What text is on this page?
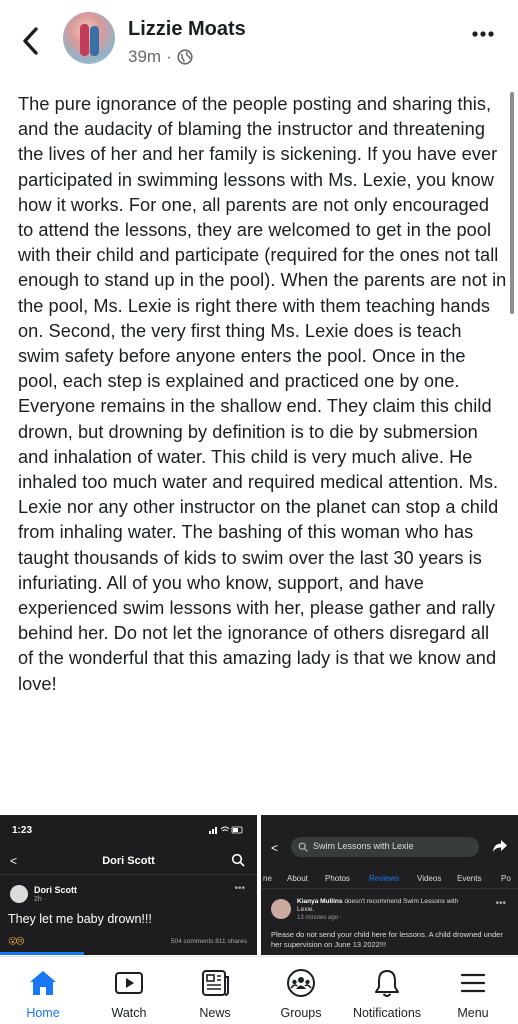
Lizzie Moats
39m ·
The pure ignorance of the people posting and sharing this, and the audacity of blaming the instructor and threatening the lives of her and her family is sickening. If you have ever participated in swimming lessons with Ms. Lexie, you know how it works. For one, all parents are not only encouraged to attend the lessons, they are welcomed to get in the pool with their child and participate (required for the ones not tall enough to stand up in the pool). When the parents are not in the pool, Ms. Lexie is right there with them teaching hands on. Second, the very first thing Ms. Lexie does is teach swim safety before anyone enters the pool. Once in the pool, each step is explained and practiced one by one. Everyone remains in the shallow end. They claim this child drown, but drowning by definition is to die by submersion and inhalation of water. This child is very much alive. He inhaled too much water and required medical attention. Ms. Lexie nor any other instructor on the planet can stop a child from inhaling water. The bashing of this woman who has taught thousands of kids to swim over the last 30 years is infuriating. All of you who know, support, and have experienced swim lessons with her, please gather and rally behind her. Do not let the ignorance of others disregard all of the wonderful that this amazing lady is that we know and love!
1:23
<	Dori Scott
Dori Scott
2h ·
•••
They let me baby drown!!!
😮😢	504 comments 811 shares
<	Swim Lessons with Lexie
ne About Photos Reviews Videos Events Po
Kianya Mullins doesn't recommend Swim Lessons with Lexie.
13 minutes ago ·
•••
Please do not send your child here for lessons. A child drowned under her supervision on June 13 2022!!!
Home	Watch	News	Groups	Notifications	Menu
